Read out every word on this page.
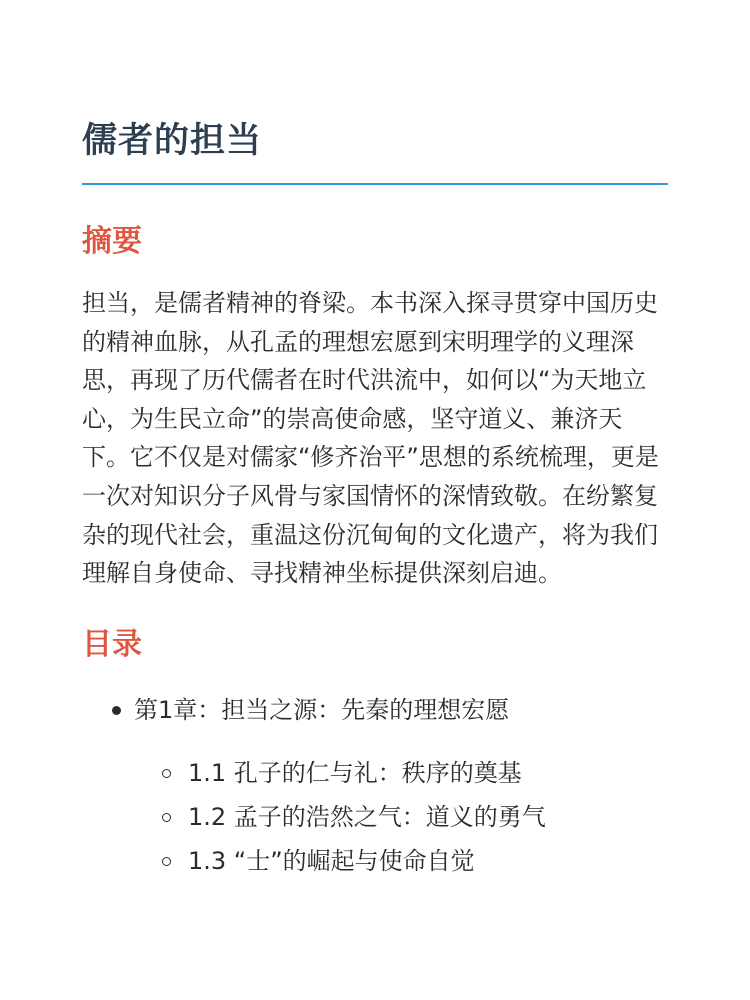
儒者的担当
摘要

担当，是儒者精神的脊梁。本书深入探寻贯穿中国历史的精神血脉，从孔孟的理想宏愿到宋明理学的义理深思，再现了历代儒者在时代洪流中，如何以“为天地立心，为生民立命”的崇高使命感，坚守道义、兼济天下。它不仅是对儒家“修齐治平”思想的系统梳理，更是一次对知识分子风骨与家国情怀的深情致敬。在纷繁复杂的现代社会，重温这份沉甸甸的文化遗产，将为我们理解自身使命、寻找精神坐标提供深刻启迪。

目录
第1章：担当之源：先秦的理想宏愿
1.1 孔子的仁与礼：秩序的奠基
1.2 孟子的浩然之气：道义的勇气
1.3 “士”的崛起与使命自觉
